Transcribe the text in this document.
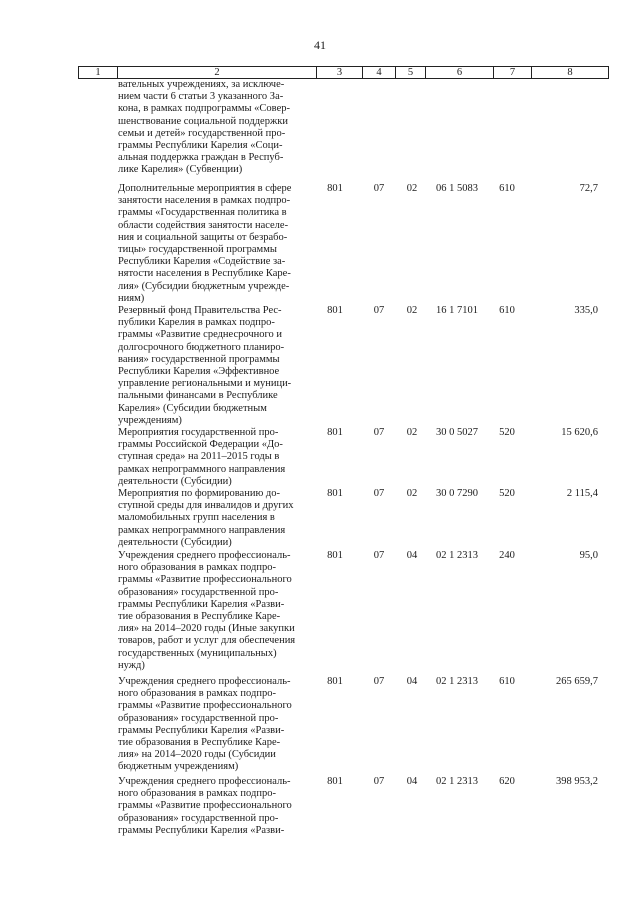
41
1	2	3	4	5	6	7	8
вательных учреждениях, за исключе-
нием части 6 статьи 3 указанного За-
кона, в рамках подпрограммы «Совер-
шенствование социальной поддержки
семьи и детей» государственной про-
граммы Республики Карелия «Соци-
альная поддержка граждан в Респуб-
лике Карелия» (Субвенции)
Дополнительные мероприятия в сфере
занятости населения в рамках подпро-
граммы «Государственная политика в
области содействия занятости населе-
ния и социальной защиты от безрабо-
тицы» государственной программы
Республики Карелия «Содействие за-
нятости населения в Республике Каре-
лия» (Субсидии бюджетным учрежде-
ниям)
801	07	02	06 1 5083	610	72,7
Резервный фонд Правительства Рес-
публики Карелия в рамках подпро-
граммы «Развитие среднесрочного и
долгосрочного бюджетного планиро-
вания» государственной программы
Республики Карелия «Эффективное
управление региональными и муници-
пальными финансами в Республике
Карелия» (Субсидии бюджетным
учреждениям)
801	07	02	16 1 7101	610	335,0
Мероприятия государственной про-
граммы Российской Федерации «До-
ступная среда» на 2011–2015 годы в
рамках непрограммного направления
деятельности (Субсидии)
801	07	02	30 0 5027	520	15 620,6
Мероприятия по формированию до-
ступной среды для инвалидов и других
маломобильных групп населения в
рамках непрограммного направления
деятельности (Субсидии)
801	07	02	30 0 7290	520	2 115,4
Учреждения среднего профессиональ-
ного образования в рамках подпро-
граммы «Развитие профессионального
образования» государственной про-
граммы Республики Карелия «Разви-
тие образования в Республике Каре-
лия» на 2014–2020 годы (Иные закупки
товаров, работ и услуг для обеспечения
государственных (муниципальных)
нужд)
801	07	04	02 1 2313	240	95,0
Учреждения среднего профессиональ-
ного образования в рамках подпро-
граммы «Развитие профессионального
образования» государственной про-
граммы Республики Карелия «Разви-
тие образования в Республике Каре-
лия» на 2014–2020 годы (Субсидии
бюджетным учреждениям)
801	07	04	02 1 2313	610	265 659,7
Учреждения среднего профессиональ-
ного образования в рамках подпро-
граммы «Развитие профессионального
образования» государственной про-
граммы Республики Карелия «Разви-
801	07	04	02 1 2313	620	398 953,2
